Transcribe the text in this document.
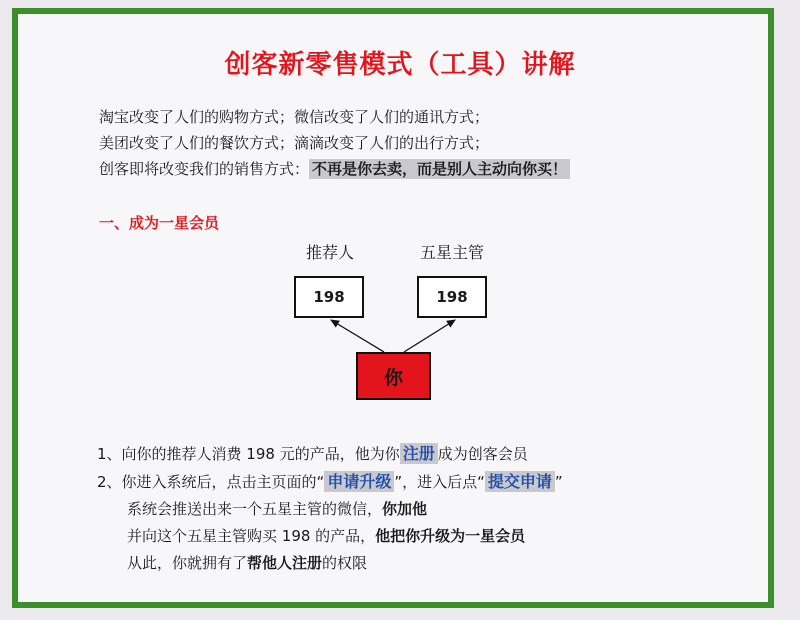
创客新零售模式（工具）讲解
淘宝改变了人们的购物方式；微信改变了人们的通讯方式；
美团改变了人们的餐饮方式；滴滴改变了人们的出行方式；
创客即将改变我们的销售方式： 不再是你去卖，而是别人主动向你买！
一、成为一星会员
推荐人	五星主管
198	198
你
1、向你的推荐人消费 198 元的产品，他为你 注册 成为创客会员
2、你进入系统后，点击主页面的“ 申请升级 ”，进入后点“ 提交申请 ”
系统会推送出来一个五星主管的微信，你加他
并向这个五星主管购买 198 的产品，他把你升级为一星会员
从此，你就拥有了帮他人注册的权限
